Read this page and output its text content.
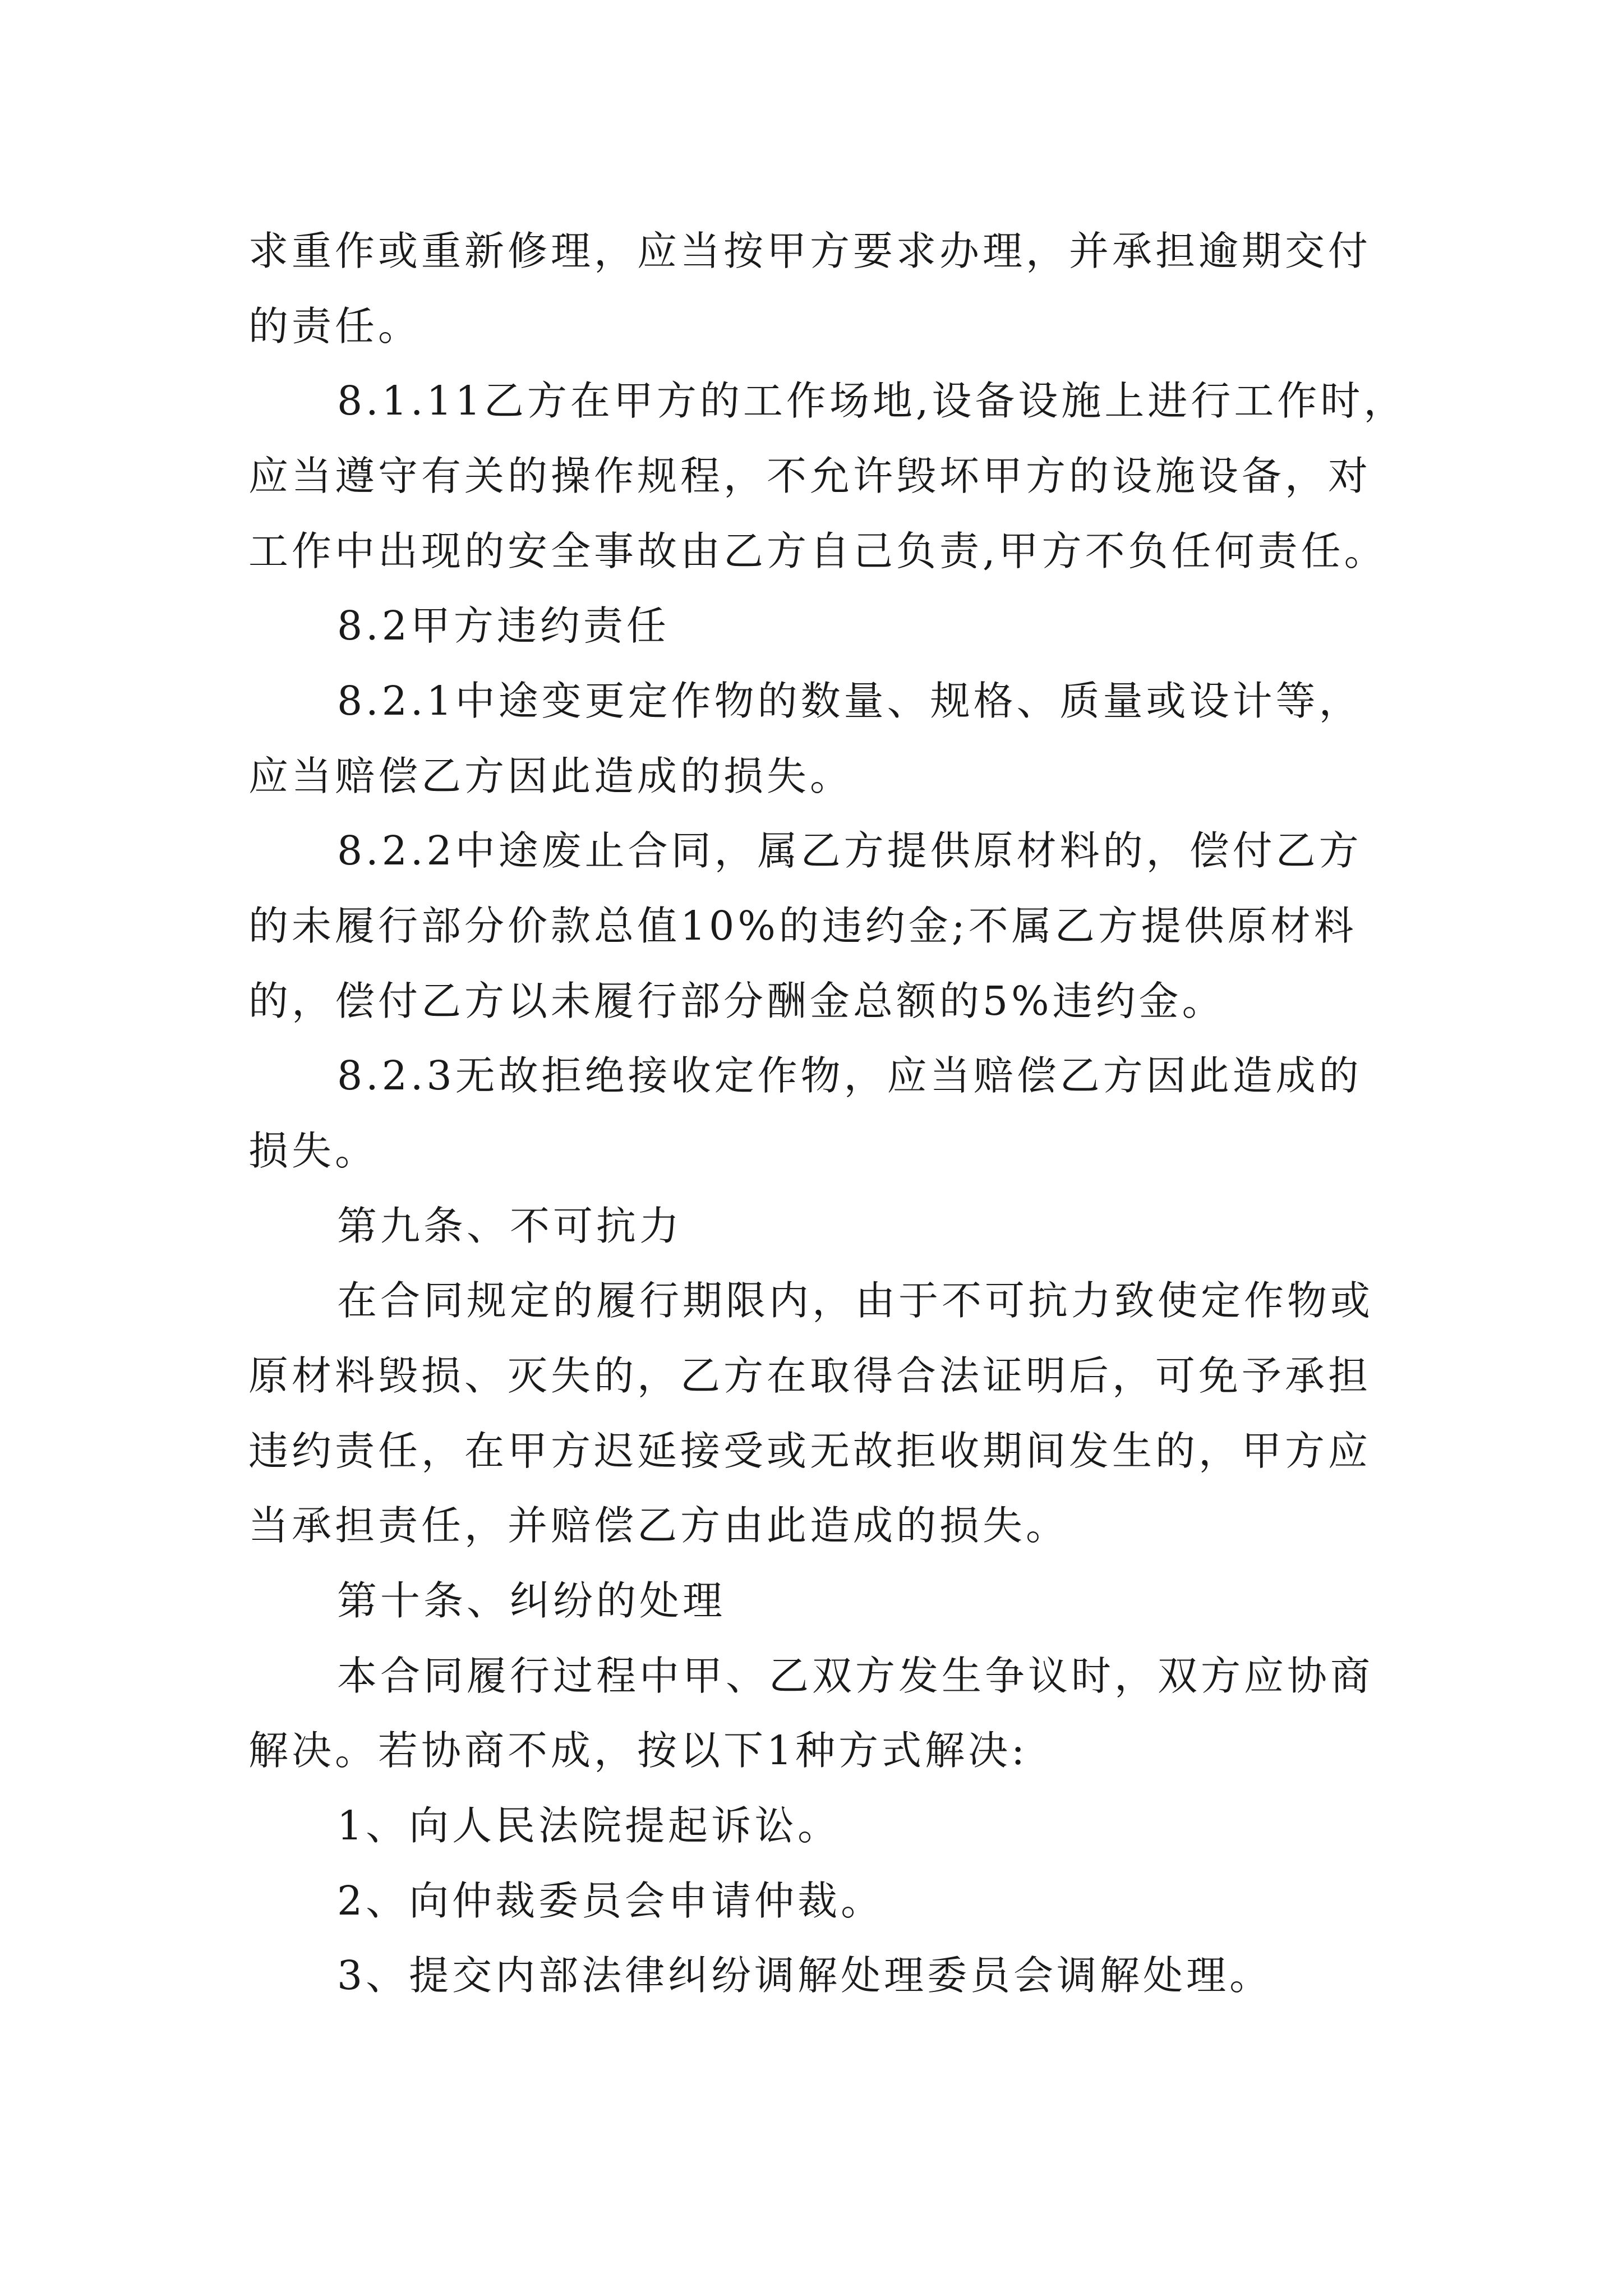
求重作或重新修理，应当按甲方要求办理，并承担逾期交付
的责任。
8.1.11乙方在甲方的工作场地,设备设施上进行工作时，
应当遵守有关的操作规程，不允许毁坏甲方的设施设备，对
工作中出现的安全事故由乙方自己负责,甲方不负任何责任。
8.2甲方违约责任
8.2.1中途变更定作物的数量、规格、质量或设计等，
应当赔偿乙方因此造成的损失。
8.2.2中途废止合同，属乙方提供原材料的，偿付乙方
的未履行部分价款总值10%的违约金;不属乙方提供原材料
的，偿付乙方以未履行部分酬金总额的5%违约金。
8.2.3无故拒绝接收定作物，应当赔偿乙方因此造成的
损失。
第九条、不可抗力
在合同规定的履行期限内，由于不可抗力致使定作物或
原材料毁损、灭失的，乙方在取得合法证明后，可免予承担
违约责任，在甲方迟延接受或无故拒收期间发生的，甲方应
当承担责任，并赔偿乙方由此造成的损失。
第十条、纠纷的处理
本合同履行过程中甲、乙双方发生争议时，双方应协商
解决。若协商不成，按以下1种方式解决:
1、向人民法院提起诉讼。
2、向仲裁委员会申请仲裁。
3、提交内部法律纠纷调解处理委员会调解处理。
